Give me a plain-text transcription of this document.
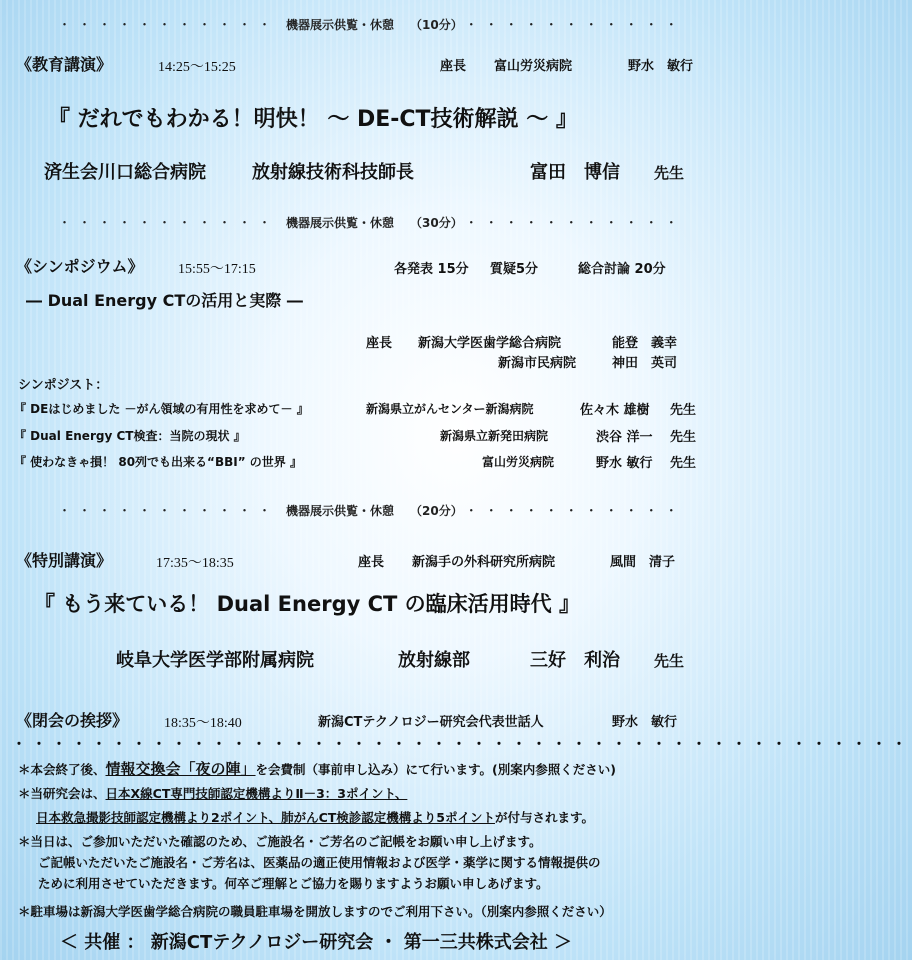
・・・・・・・・・・・ 機器展示供覧・休憩 （10分） ・・・・・・・・・・・
《教育講演》	14:25～15:25	座長 富山労災病院	野水　敏行
『 だれでもわかる！明快！ ～ DE-CT技術解説 ～ 』
済生会川口総合病院	放射線技術科技師長	富田　博信 先生
・・・・・・・・・・・ 機器展示供覧・休憩 （30分） ・・・・・・・・・・・
《シンポジウム》 15:55～17:15	各発表 15分 質疑5分	総合討論 20分
― Dual Energy CTの活用と実際 ―
座長 新潟大学医歯学総合病院	能登　義幸
新潟市民病院	神田　英司
シンポジスト：
『 DEはじめました －がん領域の有用性を求めて－ 』	新潟県立がんセンター新潟病院	佐々木 雄樹 先生
『 Dual Energy CT検査：当院の現状 』	新潟県立新発田病院	渋谷 洋一 先生
『 使わなきゃ損！ 80列でも出来る“BBI” の世界 』	富山労災病院	野水 敏行 先生
・・・・・・・・・・・ 機器展示供覧・休憩 （20分） ・・・・・・・・・・・
《特別講演》	17:35～18:35	座長 新潟手の外科研究所病院	風間　清子
『 もう来ている！ Dual Energy CT の臨床活用時代 』
岐阜大学医学部附属病院	放射線部	三好　利治 先生
《閉会の挨拶》	18:35～18:40	新潟CTテクノロジー研究会代表世話人	野水　敏行
・・・・・・・・・・・・・・・・・・・・・・・・・・・・・・・・・・・・・・・・・・・・・
＊本会終了後、情報交換会「夜の陣」を会費制（事前申し込み）にて行います。(別案内参照ください)
＊当研究会は、日本X線CT専門技師認定機構よりⅡ－3：3ポイント、
日本救急撮影技師認定機構より2ポイント、肺がんCT検診認定機構より5ポイントが付与されます。
＊当日は、ご参加いただいた確認のため、ご施設名・ご芳名のご記帳をお願い申し上げます。
ご記帳いただいたご施設名・ご芳名は、医薬品の適正使用情報および医学・薬学に関する情報提供の
ために利用させていただきます。何卒ご理解とご協力を賜りますようお願い申しあげます。
＊駐車場は新潟大学医歯学総合病院の職員駐車場を開放しますのでご利用下さい。（別案内参照ください）
＜ 共催 ： 新潟CTテクノロジー研究会 ・ 第一三共株式会社 ＞
